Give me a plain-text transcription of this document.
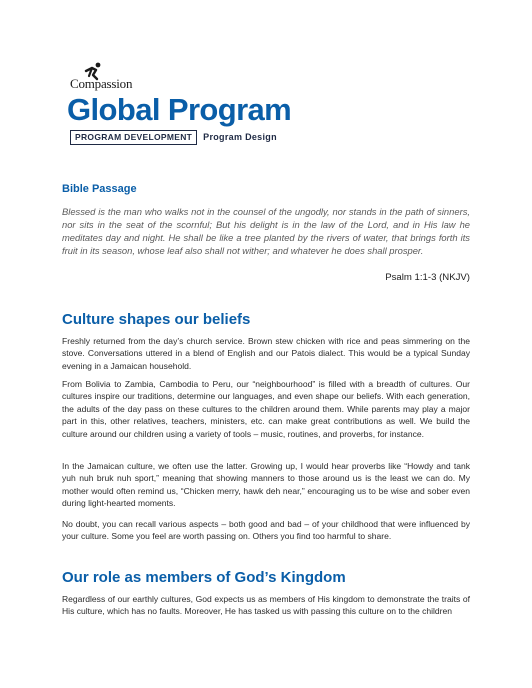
Compassion
Global Program
PROGRAM DEVELOPMENT	Program Design
Bible Passage
Blessed is the man who walks not in the counsel of the ungodly, nor stands in the path of sinners, nor sits in the seat of the scornful; But his delight is in the law of the Lord, and in His law he meditates day and night. He shall be like a tree planted by the rivers of water, that brings forth its fruit in its season, whose leaf also shall not wither; and whatever he does shall prosper.
Psalm 1:1-3 (NKJV)
Culture shapes our beliefs

Freshly returned from the day’s church service. Brown stew chicken with rice and peas simmering on the stove. Conversations uttered in a blend of English and our Patois dialect. This would be a typical Sunday evening in a Jamaican household.

From Bolivia to Zambia, Cambodia to Peru, our “neighbourhood” is filled with a breadth of cultures. Our cultures inspire our traditions, determine our languages, and even shape our beliefs. With each generation, the adults of the day pass on these cultures to the children around them. While parents may play a major part in this, other relatives, teachers, ministers, etc. can make great contributions as well. We build the culture around our children using a variety of tools – music, routines, and proverbs, for instance.

In the Jamaican culture, we often use the latter. Growing up, I would hear proverbs like “Howdy and tank yuh nuh bruk nuh sport,” meaning that showing manners to those around us is the least we can do. My mother would often remind us, “Chicken merry, hawk deh near,” encouraging us to be wise and sober even during light-hearted moments.

No doubt, you can recall various aspects – both good and bad – of your childhood that were influenced by your culture. Some you feel are worth passing on. Others you find too harmful to share.

Our role as members of God’s Kingdom

Regardless of our earthly cultures, God expects us as members of His kingdom to demonstrate the traits of His culture, which has no faults. Moreover, He has tasked us with passing this culture on to the children
